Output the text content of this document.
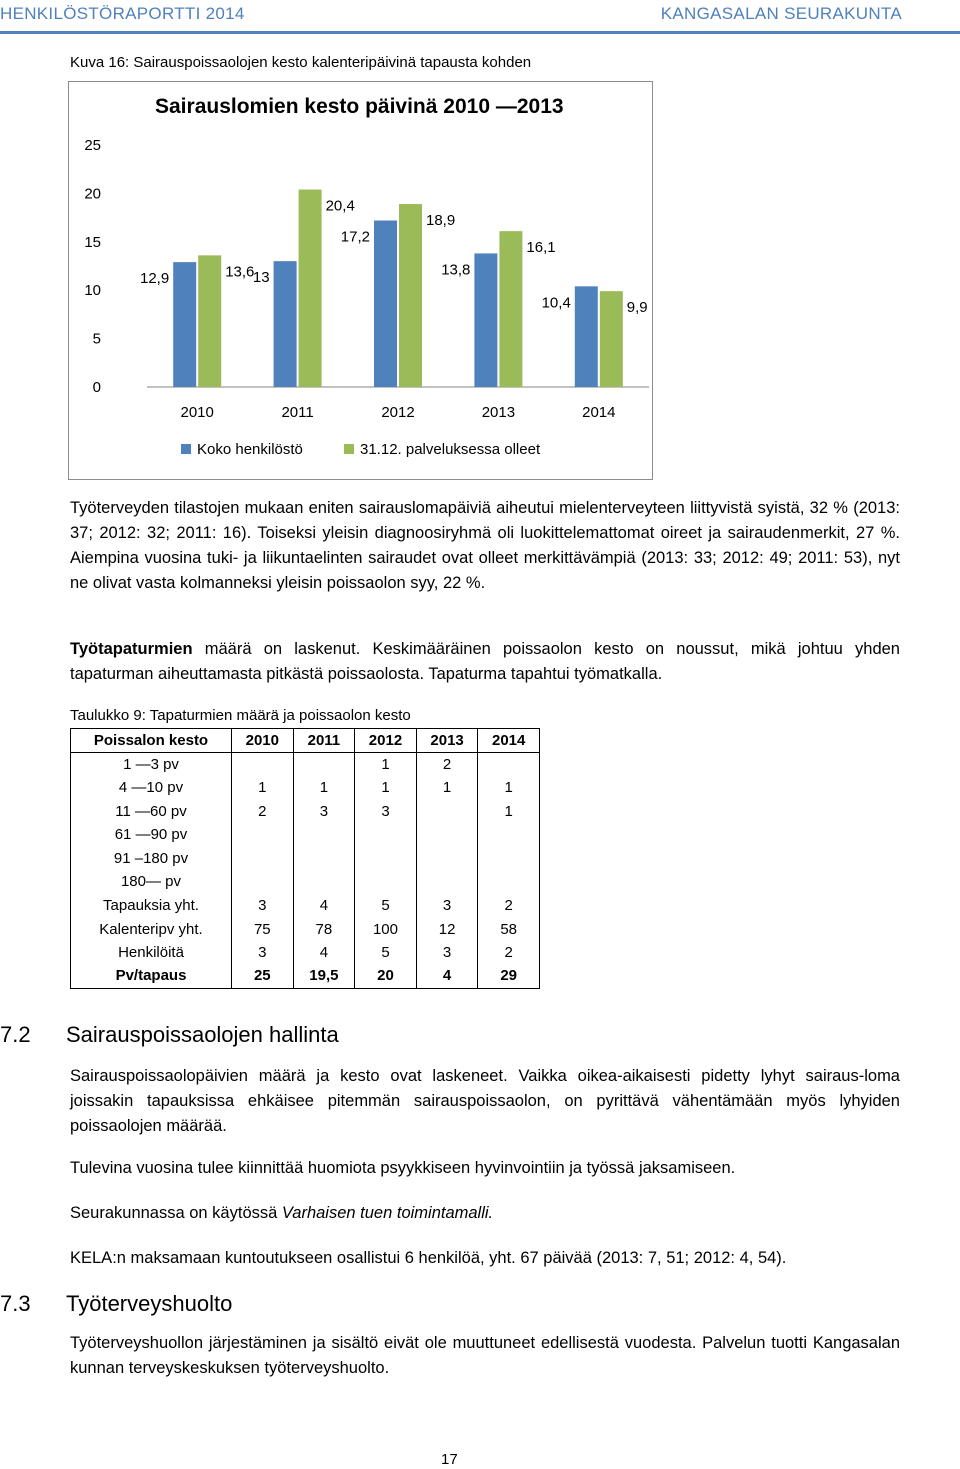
HENKILÖSTÖRAPORTTI 2014	KANGASALAN SEURAKUNTA
Kuva 16: Sairauspoissaolojen kesto kalenteripäivinä tapausta kohden
Sairauslomien kesto päivinä 2010 —2013
0
5
10
15
20
25
12,9	13,6
2010
13
20,4
2011
17,2
18,9
2012
13,8
16,1
2013
10,4	9,9
2014
Koko henkilöstö	31.12. palveluksessa olleet

Työterveyden tilastojen mukaan eniten sairauslomapäiviä aiheutui mielenterveyteen liittyvistä syistä, 32 % (2013: 37; 2012: 32; 2011: 16). Toiseksi yleisin diagnoosiryhmä oli luokittelemattomat oireet ja sairaudenmerkit, 27 %. Aiempina vuosina tuki- ja liikuntaelinten sairaudet ovat olleet merkittävämpiä (2013: 33; 2012: 49; 2011: 53), nyt ne olivat vasta kolmanneksi yleisin poissaolon syy, 22 %.

Työtapaturmien määrä on laskenut. Keskimääräinen poissaolon kesto on noussut, mikä johtuu yhden tapaturman aiheuttamasta pitkästä poissaolosta. Tapaturma tapahtui työmatkalla.

Taulukko 9: Tapaturmien määrä ja poissaolon kesto
Poissalon kesto	2010	2011	2012	2013	2014
1 —3 pv			1	2	
4 —10 pv	1	1	1	1	1
11 —60 pv	2	3	3		1
61 —90 pv					
91 –180 pv					
180— pv					
Tapauksia yht.	3	4	5	3	2
Kalenteripv yht.	75	78	100	12	58
Henkilöitä	3	4	5	3	2
Pv/tapaus	25	19,5	20	4	29
7.2 Sairauspoissaolojen hallinta

Sairauspoissaolopäivien määrä ja kesto ovat laskeneet. Vaikka oikea-aikaisesti pidetty lyhyt sairaus-loma joissakin tapauksissa ehkäisee pitemmän sairauspoissaolon, on pyrittävä vähentämään myös lyhyiden poissaolojen määrää.

Tulevina vuosina tulee kiinnittää huomiota psyykkiseen hyvinvointiin ja työssä jaksamiseen.

Seurakunnassa on käytössä Varhaisen tuen toimintamalli.

KELA:n maksamaan kuntoutukseen osallistui 6 henkilöä, yht. 67 päivää (2013: 7, 51; 2012: 4, 54).

7.3 Työterveyshuolto

Työterveyshuollon järjestäminen ja sisältö eivät ole muuttuneet edellisestä vuodesta. Palvelun tuotti Kangasalan kunnan terveyskeskuksen työterveyshuolto.

17
